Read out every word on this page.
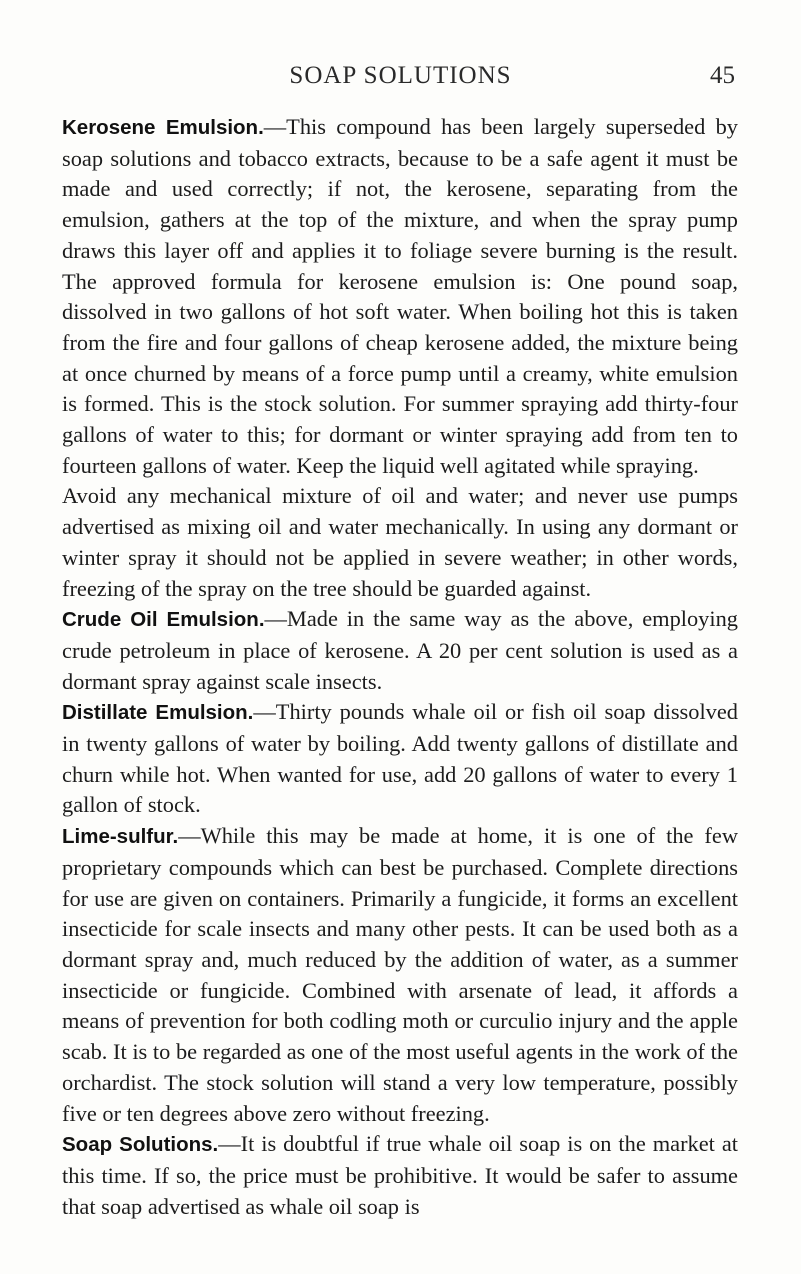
SOAP SOLUTIONS	45

Kerosene Emulsion.—This compound has been largely superseded by soap solutions and tobacco extracts, because to be a safe agent it must be made and used correctly; if not, the kerosene, separating from the emulsion, gathers at the top of the mixture, and when the spray pump draws this layer off and applies it to foliage severe burning is the result. The approved formula for kerosene emulsion is: One pound soap, dissolved in two gallons of hot soft water. When boiling hot this is taken from the fire and four gallons of cheap kerosene added, the mixture being at once churned by means of a force pump until a creamy, white emulsion is formed. This is the stock solution. For summer spraying add thirty-four gallons of water to this; for dormant or winter spraying add from ten to fourteen gallons of water. Keep the liquid well agitated while spraying.

Avoid any mechanical mixture of oil and water; and never use pumps advertised as mixing oil and water mechanically. In using any dormant or winter spray it should not be applied in severe weather; in other words, freezing of the spray on the tree should be guarded against.

Crude Oil Emulsion.—Made in the same way as the above, employing crude petroleum in place of kerosene. A 20 per cent solution is used as a dormant spray against scale insects.

Distillate Emulsion.—Thirty pounds whale oil or fish oil soap dissolved in twenty gallons of water by boiling. Add twenty gallons of distillate and churn while hot. When wanted for use, add 20 gallons of water to every 1 gallon of stock.

Lime-sulfur.—While this may be made at home, it is one of the few proprietary compounds which can best be purchased. Complete directions for use are given on containers. Primarily a fungicide, it forms an excellent insecticide for scale insects and many other pests. It can be used both as a dormant spray and, much reduced by the addition of water, as a summer insecticide or fungicide. Combined with arsenate of lead, it affords a means of prevention for both codling moth or curculio injury and the apple scab. It is to be regarded as one of the most useful agents in the work of the orchardist. The stock solution will stand a very low temperature, possibly five or ten degrees above zero without freezing.

Soap Solutions.—It is doubtful if true whale oil soap is on the market at this time. If so, the price must be prohibitive. It would be safer to assume that soap advertised as whale oil soap is
